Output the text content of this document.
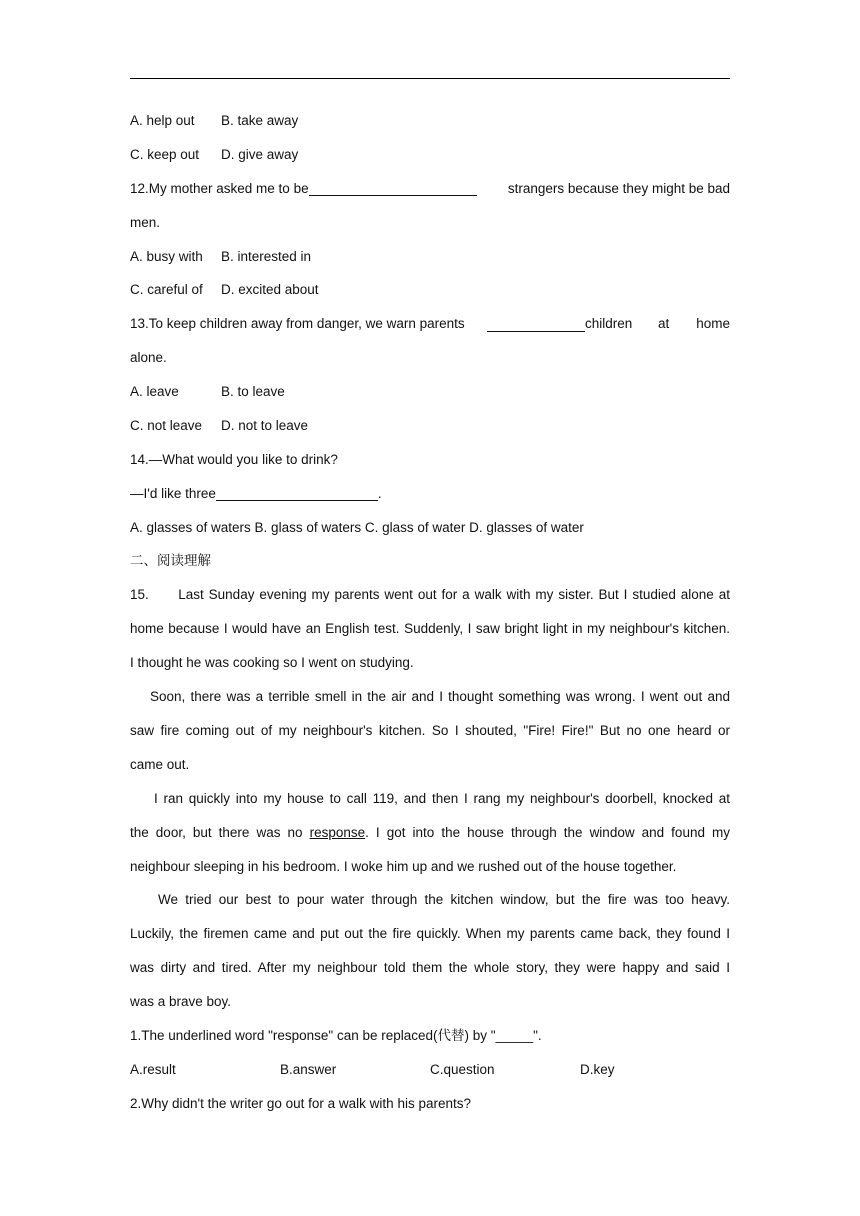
A. help out B. take away
C. keep out D. give away
12.My mother asked me to be	strangers because they might be bad
men.
A. busy with B. interested in
C. careful of D. excited about
13.To keep children away from danger, we warn parents	children at home
alone.
A. leave	B. to leave
C. not leave D. not to leave
14.—What would you like to drink?
—I'd like three	.
A. glasses of waters B. glass of waters C. glass of water D. glasses of water
二、阅读理解
15.      Last Sunday evening my parents went out for a walk with my sister. But I studied alone at
home because I would have an English test. Suddenly, I saw bright light in my neighbour's kitchen.
I thought he was cooking so I went on studying.
Soon, there was a terrible smell in the air and I thought something was wrong. I went out and
saw fire coming out of my neighbour's kitchen. So I shouted, "Fire! Fire!" But no one heard or
came out.
I ran quickly into my house to call 119, and then I rang my neighbour's doorbell, knocked at
the door, but there was no response. I got into the house through the window and found my
neighbour sleeping in his bedroom. I woke him up and we rushed out of the house together.
We tried our best to pour water through the kitchen window, but the fire was too heavy.
Luckily, the firemen came and put out the fire quickly. When my parents came back, they found I
was dirty and tired. After my neighbour told them the whole story, they were happy and said I
was a brave boy.
1.The underlined word "response" can be replaced(代替) by "_____".
A.result	B.answer	C.question	D.key
2.Why didn't the writer go out for a walk with his parents?
